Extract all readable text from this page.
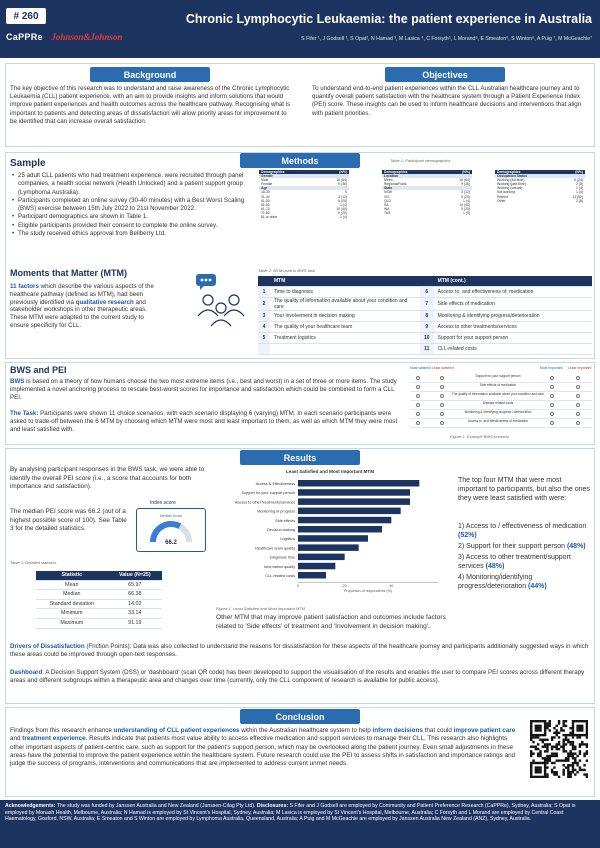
# 260
CaPPRe Johnson&Johnson
Chronic Lymphocytic Leukaemia: the patient experience in Australia
S Fifer ¹, J Godsell ¹, S Opat², N Hamad ³, M Lasica ⁴, C Forsyth⁵, L Morand⁶, E Smeaton⁶, S Winton⁶, A Puig ⁷, M McGeachie⁷
Background
The key objective of this research was to understand and raise awareness of the Chronic Lymphocytic Leukaemia (CLL) patient experience, with an aim to provide insights and inform solutions that would improve patient experiences and health outcomes across the healthcare pathway. Recognising what is important to patients and detecting areas of dissatisfaction will allow priority areas for improvement to be identified that can increase overall satisfaction.
Objectives
To understand end-to-end patient experiences within the CLL Australian healthcare journey and to quantify overall patient satisfaction with the healthcare system through a Patient Experience Index (PEI) score. These insights can be used to inform healthcare decisions and interventions that align with patient priorities.
Methods
Sample
• 25 adult CLL patients who had treatment experience, were recruited through panel companies, a health social network (Health Unlocked) and a patient support group (Lymphoma Australia).
• Participants completed an online survey (30-40 minutes) with a Best Worst Scaling (BWS) exercise between 15th July 2022 to 21st November 2022.
• Participant demographics are shown in Table 1.
• Eligible participants provided their consent to complete the online survey.
• The study received ethics approval from Bellberry Ltd.
Table 1. Participant demographics
Demographics	(N%)
Gender	
Male	16 (64)
Female	9 (36)
Age	
18-30	0
31-40	3 (12)
41-50	5 (20)
51-60	1 (4)
61-70	10 (40)
71-80	5 (20)
81 or older	1 (4)
Demographics	(N%)
Location	
Metro	16 (64)
Regional/Rural	9 (36)
State	
NSW	3 (12)
VIC	5 (20)
QLD	1 (4)
SA	10 (40)
WA	5 (20)
TAS	1 (4)
Demographics	(N%)
Occupation Status	
Working (full-time)	6 (24)
Working (part-time)	2 (8)
Working (casual)	1 (4)
Not working	1 (4)
Retired	13 (52)
Other	2 (8)
Moments that Matter (MTM)
11 factors which describe the various aspects of the healthcare pathway (defined as MTM), had been previously identified via qualitative research and stakeholder workshops in other therapeutic areas. These MTM were adapted to the current study to ensure specificity for CLL.
Table 2. MTM used in BWS task
	MTM		MTM (cont.)
1	Time to diagnosis	6	Access to, and effectiveness of, medication
2	The quality of information available about your condition and care	7	Side effects of medication
3	Your involvement in decision making	8	Monitoring & identifying progress/deterioration
4	The quality of your healthcare team	9	Access to other treatments/services
5	Treatment logistics	10	Support for your support person
		11	CLL-related costs
BWS and PEI
BWS is based on a theory of how humans choose the two most extreme items (i.e., best and worst) in a set of three or more items. The study implemented a novel anchoring process to rescale best-worst scores for importance and satisfaction which could be combined to form a CLL PEI.
The Task: Participants were shown 11 choice scenarios, with each scenario displaying 6 (varying) MTM. In each scenario participants were asked to trade-off between the 6 MTM by choosing which MTM were most and least important to them, as well as which MTM they were most and least satisfied with.
Most satisfied Least satisfied	Most important Least important
Support for your support person
Side effects of medication
The quality of information available about your condition and care
Disease related costs
Monitoring & identifying progress / deterioration
Access to, and effectiveness of medication
Figure 1. Example BWS scenario
Results
By analysing participant responses in the BWS task, we were able to identify the overall PEI score (i.e., a score that accounts for both importance and satisfaction).
The median PEI score was 66.2 (out of a highest possible score of 100). See Table 3 for the detailed statistics.
Index score
Median Score
66.2
Table 3. Detailed statistics
Statistic	Value (N=25)
Mean	65.97
Median	66.38
Standard deviation	14.02
Minimum	33.14
Maximum	91.19
Least Satisfied and Most Important MTM
Access & Effectiveness
Support for your support person
Access to other treatments/services
Monitoring of progress
Side effects
Decision making
Logistics
Healthcare team quality
Diagnosis time
Information quality
CLL-related costs
0	20	40
Proportion of respondents (%)
Figure 1. Least Satisfied and Most Important MTM
Other MTM that may improve patient satisfaction and outcomes include factors related to 'Side effects' of treatment and 'Involvement in decision making'.
The top four MTM that were most important to participants, but also the ones they were least satisfied with were:
1) Access to / effectiveness of medication (52%)
2) Support for their support person (48%)
3) Access to other treatment/support services (48%)
4) Monitoring/identifying progress/deterioration (44%)
Drivers of Dissatisfaction (Friction Points): Data was also collected to understand the reasons for dissatisfaction for these aspects of the healthcare journey and participants additionally suggested ways in which these areas could be improved through open-text responses.
Dashboard: A Decision Support System (DSS) or 'dashboard' (scan QR code) has been developed to support the visualisation of the results and enables the user to compare PEI scores across different therapy areas and different subgroups within a therapeutic area and changes over time (currently, only the CLL component of research is available for public access).
Conclusion
Findings from this research enhance understanding of CLL patient experiences within the Australian healthcare system to help inform decisions that could improve patient care and treatment experience. Results indicate that patients most value ability to access effective medication and support services to manage their CLL. This research also highlights other important aspects of patient-centric care, such as support for the patient's support person, which may be overlooked along the patient journey. Even small adjustments in these areas have the potential to improve the patient experience within the healthcare system. Future research could use the PEI to assess shifts in satisfaction and importance ratings and judge the success of programs, interventions and communications that are implemented to address current unmet needs.
Acknowledgements: The study was funded by Janssen Australia and New Zealand (Janssen-Cilag Pty Ltd). Disclosures: S Fifer and J Godsell are employed by Community and Patient Preference Research (CaPPRe), Sydney, Australia; S Opat is employed by Monash Health, Melbourne, Australia; N Hamad is employed by St Vincent's Hospital, Sydney, Australia; M Lasica is employed by St Vincent's Hospital, Melbourne, Australia; C Forsyth and L Morand are employed by Central Coast Haematology, Gosford, NSW, Australia; E Smeaton and S Winton are employed by Lymphoma Australia, Queensland, Australia; A Puig and M McGeachie are employed by Janssen Australia New Zealand (ANZ), Sydney, Australia.
